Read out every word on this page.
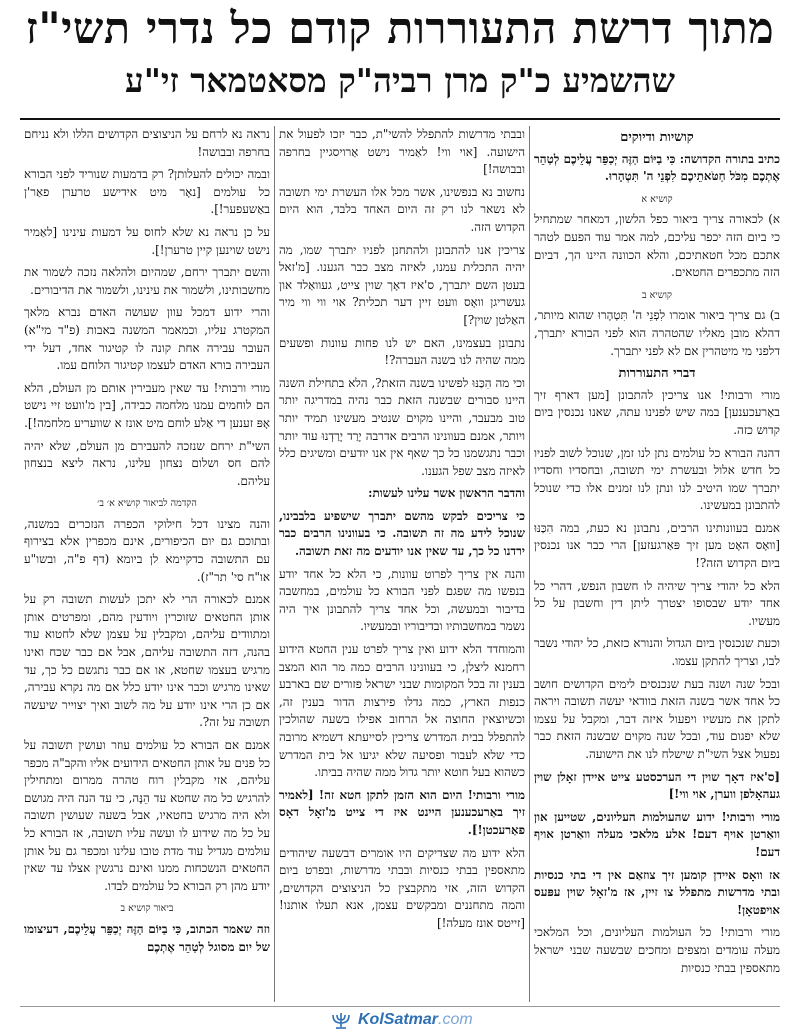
מתוך דרשת התעוררות קודם כל נדרי תשי"ז
שהשמיע כ"ק מרן רביה"ק מסאטמאר זי"ע
קושיות ודיוקים

כתיב בתורה הקדושה: כִּי בַיּוֹם הַזֶּה יְכַפֵּר עֲלֵיכֶם לְטַהֵר אֶתְכֶם מִכֹּל חַטֹּאתֵיכֶם לִפְנֵי ה' תִּטְהָרוּ.

קושיא א

א) לכאורה צריך ביאור כפל הלשון, דמאחר שמתחיל כי ביום הזה יכפר עליכם, למה אמר עוד הפעם לטהר אתכם מכל חטאתיכם, והלא הכוונה היינו הך, דביום הזה מתכפרים החטאים.

קושיא ב

ב) גם צריך ביאור אומרו לִפְנֵי ה' תִּטְהָרוּ שהוא מיותר, דהלא מובן מאליו שהטהרה הוא לפני הבורא יתברך, דלפני מי מיטהרין אם לא לפני יתברך.

דברי התעוררות

מורי ורבותי! אנו צריכין להתבונן [מען דארף זיך באַרעכענען] במה שיש לפנינו עתה, שאנו נכנסין ביום קדוש כזה.

דהנה הבורא כל עולמים נתן לנו זמן, שנוכל לשוב לפניו כל חדש אלול ובעשרת ימי תשובה, ובחסדיו וחסדיו יתברך שמו היטיב לנו ונתן לנו זמנים אלו כדי שנוכל להתבונן במעשינו.

אמנם בעוונותינו הרבים, נתבונן נא כעת, במה הִכַּנּוּ [וואָס האָט מען זיך פּאַרגעזען] הרי כבר אנו נכנסין ביום הקדוש הזה?!

הלא כל יהודי צריך שיהיה לו חשבון הנפש, דהרי כל אחד יודע שבסופו יצטרך ליתן דין וחשבון על כל מעשיו.

וכעת שנכנסין ביום הגדול והנורא כזאת, כל יהודי נשבר לבו, וצריך להתקן עצמו.

ובכל שנה ושנה בעת שנכנסים לימים הקדושים חושב כל אחד אשר בשנה הזאת בוודאי יעשה תשובה ויראה לתקן את מעשיו ויפעול איזה דבר, ומקבל על עצמו שלא יפגום עוד, ובכל שנה מקוים שבשנה הזאת כבר נפעול אצל השי"ת שישלח לנו את הישועה.

[ס'איז דאָך שוין די הערכסטע צייט איידן זאָלן שוין געהאָלפן ווערן, אוי ווי!]

מורי ורבותי! ידוע שהעולמות העליונים, שטייען און וואַרטן אויף דעם! אלע מלאכי מעלה וואַרטן אויף דעם!

אז וואָס איידן קומען זיך צוזאַם אין די בתי כנסיות ובתי מדרשות מתפלל צו זיין, אז מ'זאָל שוין עפּעס אויפטאָן!

מורי ורבותי! כל העולמות העליונים, וכל המלאכי מעלה עומדים ומצפים ומחכים שבשעה שבני ישראל מתאספין בבתי כנסיות

ובבתי מדרשות להתפלל להשי"ת, כבר יזכו לפעול את הישועה. [אוי ווי! לאַמיר נישט אַרויסגיין בחרפה ובבושה!]

נחשוב נא בנפשינו, אשר מכל אלו העשרת ימי תשובה לא נשאר לנו רק זה היום האחד בלבד, הוא היום הקדוש הזה.

צריכין אנו להתבונן ולהתחנן לפניו יתברך שמו, מה יהיה התכלית עמנו, לאיזה מצב כבר הגענו. [מ'זאל בעטן השם יתברך, ס'איז דאָך שוין צייט, געוואַלד און געשריגן וואָס וועט זיין דער תכלית? אוי ווי ווי מיר האַלטן שוין?]

נתבונן בעצמינו, האם יש לנו פחות עוונות ופשעים ממה שהיה לנו בשנה העברה?!

וכי מה הִכַּנּוּ לפשינו בשנה הזאת?, הלא בתחילת השנה היינו סבורים שבשנה הזאת כבר נהיה במדריגה יותר טוב מבעבר, והיינו מקוים שנטיב מעשינו תמיד יותר ויותר, אמנם בעוונינו הרבים אדרבה יָרַד יָרַדְנוּ עוד יותר וכבר נתגשמנו כל כך שאף אין אנו יודעים ומשיגים כלל לאיזה מצב שפל הגענו.

והדבר הראשון אשר עלינו לעשות:

כי צריכים לבקש מהשם יתברך שישפיע בלבבינו, שנוכל לידע מה זה תשובה. כי בעוונינו הרבים כבר ירדנו כל כך, עד שאין אנו יודעים מה זאת תשובה.

והנה אין צריך לפרוט עוונות, כי הלא כל אחד יודע בנפשו מה שפגם לפני הבורא כל עולמים, במחשבה בדיבור ובמעשה, וכל אחד צריך להתבונן איך היה נשמר במחשבותיו ובדיבוריו ובמעשיו.

והמוחדד הלא ידוע ואין צריך לפרט ענין החטא הידוע רחמנא ליצלן, כי בעוונינו הרבים כמה מר הוא המצב בענין זה בכל המקומות שבני ישראל פזורים שם בארבע כנפות הארץ, כמה גדלו פירצות הדור בענין זה, וכשיוצאין החוצה אל הרחוב אפילו בשעה שהולכין להתפלל בבית המדרש צריכין לסייעתא דשמיא מרובה כדי שלא לעבור ופסיעה שלא יגיעו אל בית המדרש כשהוא בעל חוטא יותר גדול ממה שהיה בביתו.

מורי ורבותי! היום הוא הזמן לתקן חטא זה! [לאמיר זיך באַרעכענען היינט איז די צייט מ'זאָל דאָס פאַרעכטן!].

הלא ידוע מה שצדיקים היו אומרים דבשעה שיהודים מתאספין בבתי כנסיות ובבתי מדרשות, ובפרט ביום הקדוש הזה, אזי מתקבצין כל הניצוצים הקדושים, והמה מתחננים ומבקשים עצמן, אנא תעלו אותנו! [זייטס אונז מעלה!]

נראה נא לרחם על הניצוצים הקדושים הללו ולא נניחם בחרפה ובבושה!

ובמה יכולים להעלותן? רק בדמעות שנוריד לפני הבורא כל עולמים [נאָר מיט אידישע טרערן פאַר'ן באַשעפער!].

על כן נראה נא שלא לחוס על דמעות עינינו [לאַמיר נישט שוינען קיין טרערן!].

והשם יתברך ירחם, שמהיום ולהלאה נזכה לשמור את מחשבותינו, ולשמור את עינינו, ולשמור את הדיבורים.

והרי ידוע דמכל עוון שעושה האדם נברא מלאך המקטרג עליו, וכמאמר המשנה באבות (פ"ד מי"א) העובר עבירה אחת קונה לו קטיגור אחד, דעל ידי העבירה בורא האדם לעצמו קטיגור הלוחם עמו.

מורי ורבותי! עד שאין מעבירין אותם מן העולם, הלא הם לוחמים עמנו מלחמה כבידה, [בין מ'וועט זיי נישט אָפּ זענען די אַלע לוחם מיט אונז א שוועריע מלחמה!].

השי"ת ירחם שנזכה להעבירם מן העולם, שלא יהיה להם חס ושלום נצחון עלינו, נראה ליצא בנצחון עליהם.

הקדמה לביאור קושיא א׳ ב׳

והנה מצינו דכל חילוקי הכפרה הנזכרים במשנה, ובתוכם גם יום הכיפורים, אינם מכפרין אלא בצירוף עם התשובה כדקיימא לן ביומא (דף פ"ה, ובשו"ע או"ח סי' תר"ז).

אמנם לכאורה הרי לא יתכן לעשות תשובה רק על אותן החטאים שזוכרין ויודעין מהם, ומפרטים אותן ומתוודים עליהם, ומקבלין על עצמן שלא לחטוא עוד בהנה, דזה התשובה עליהם, אבל אם כבר שכח ואינו מרגיש בעצמו שחטא, או אם כבר נתגשם כל כך, עד שאינו מרגיש וכבר אינו יודע כלל אם מה נקרא עבירה, אם כן הרי אינו יודע על מה לשוב ואיך יצוייר שיעשה תשובה על זה?.

אמנם אם הבורא כל עולמים עוזר ועושין תשובה על כל פנים על אותן החטאים הידועים אליו והקב"ה מכפר עליהם, אזי מקבלין רוח טהרה ממרום ומתחילין להרגיש כל מה שחטא עד הֵנָּה, כי עד הנה היה מגושם ולא היה מרגיש בחטאיו, אבל בשעה שעושין תשובה על כל מה שידוע לו ועשה עליו תשובה, אז הבורא כל עולמים מגדיל עוד מדת טובו עלינו ומכפר גם על אותן החטאים הנשכחות ממנו ואינם נרגשין אצלו עד שאין יודע מהן רק הבורא כל עולמים לבדו.

ביאור קושיא ב

וזה שאמר הכתוב, כִּי בַיּוֹם הַזֶּה יְכַפֵּר עֲלֵיכֶם, דעיצומו של יום מסוגל לְטַהֵר אֶתְכֶם

KolSatmar .com
